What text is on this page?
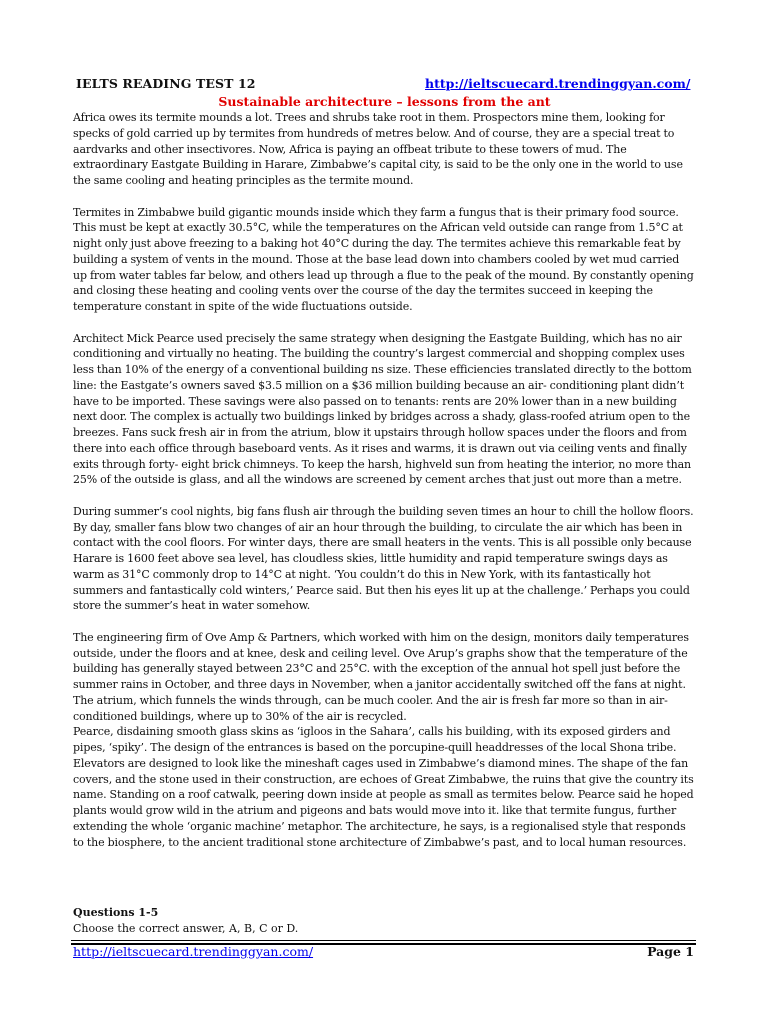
IELTS READING TEST 12	http://ieltscuecard.trendinggyan.com/
Sustainable architecture – lessons from the ant

Africa owes its termite mounds a lot. Trees and shrubs take root in them. Prospectors mine them, looking for specks of gold carried up by termites from hundreds of metres below. And of course, they are a special treat to aardvarks and other insectivores. Now, Africa is paying an offbeat tribute to these towers of mud. The extraordinary Eastgate Building in Harare, Zimbabwe’s capital city, is said to be the only one in the world to use the same cooling and heating principles as the termite mound.

Termites in Zimbabwe build gigantic mounds inside which they farm a fungus that is their primary food source. This must be kept at exactly 30.5°C, while the temperatures on the African veld outside can range from 1.5°C at night only just above freezing to a baking hot 40°C during the day. The termites achieve this remarkable feat by building a system of vents in the mound. Those at the base lead down into chambers cooled by wet mud carried up from water tables far below, and others lead up through a flue to the peak of the mound. By constantly opening and closing these heating and cooling vents over the course of the day the termites succeed in keeping the temperature constant in spite of the wide fluctuations outside.

Architect Mick Pearce used precisely the same strategy when designing the Eastgate Building, which has no air conditioning and virtually no heating. The building the country’s largest commercial and shopping complex uses less than 10% of the energy of a conventional building ns size. These efficiencies translated directly to the bottom line: the Eastgate’s owners saved $3.5 million on a $36 million building because an air- conditioning plant didn’t have to be imported. These savings were also passed on to tenants: rents are 20% lower than in a new building next door. The complex is actually two buildings linked by bridges across a shady, glass-roofed atrium open to the breezes. Fans suck fresh air in from the atrium, blow it upstairs through hollow spaces under the floors and from there into each office through baseboard vents. As it rises and warms, it is drawn out via ceiling vents and finally exits through forty- eight brick chimneys. To keep the harsh, highveld sun from heating the interior, no more than 25% of the outside is glass, and all the windows are screened by cement arches that just out more than a metre.

During summer’s cool nights, big fans flush air through the building seven times an hour to chill the hollow floors. By day, smaller fans blow two changes of air an hour through the building, to circulate the air which has been in contact with the cool floors. For winter days, there are small heaters in the vents. This is all possible only because Harare is 1600 feet above sea level, has cloudless skies, little humidity and rapid temperature swings days as warm as 31°C commonly drop to 14°C at night. ‘You couldn’t do this in New York, with its fantastically hot summers and fantastically cold winters,’ Pearce said. But then his eyes lit up at the challenge.’ Perhaps you could store the summer’s heat in water somehow.

The engineering firm of Ove Amp & Partners, which worked with him on the design, monitors daily temperatures outside, under the floors and at knee, desk and ceiling level. Ove Arup’s graphs show that the temperature of the building has generally stayed between 23°C and 25°C. with the exception of the annual hot spell just before the summer rains in October, and three days in November, when a janitor accidentally switched off the fans at night. The atrium, which funnels the winds through, can be much cooler. And the air is fresh far more so than in air-conditioned buildings, where up to 30% of the air is recycled.

Pearce, disdaining smooth glass skins as ‘igloos in the Sahara’, calls his building, with its exposed girders and pipes, ‘spiky’. The design of the entrances is based on the porcupine-quill headdresses of the local Shona tribe. Elevators are designed to look like the mineshaft cages used in Zimbabwe’s diamond mines. The shape of the fan covers, and the stone used in their construction, are echoes of Great Zimbabwe, the ruins that give the country its name. Standing on a roof catwalk, peering down inside at people as small as termites below. Pearce said he hoped plants would grow wild in the atrium and pigeons and bats would move into it. like that termite fungus, further extending the whole ‘organic machine’ metaphor. The architecture, he says, is a regionalised style that responds to the biosphere, to the ancient traditional stone architecture of Zimbabwe’s past, and to local human resources.

Questions 1-5
Choose the correct answer, A, B, C or D.
http://ieltscuecard.trendinggyan.com/	Page 1
